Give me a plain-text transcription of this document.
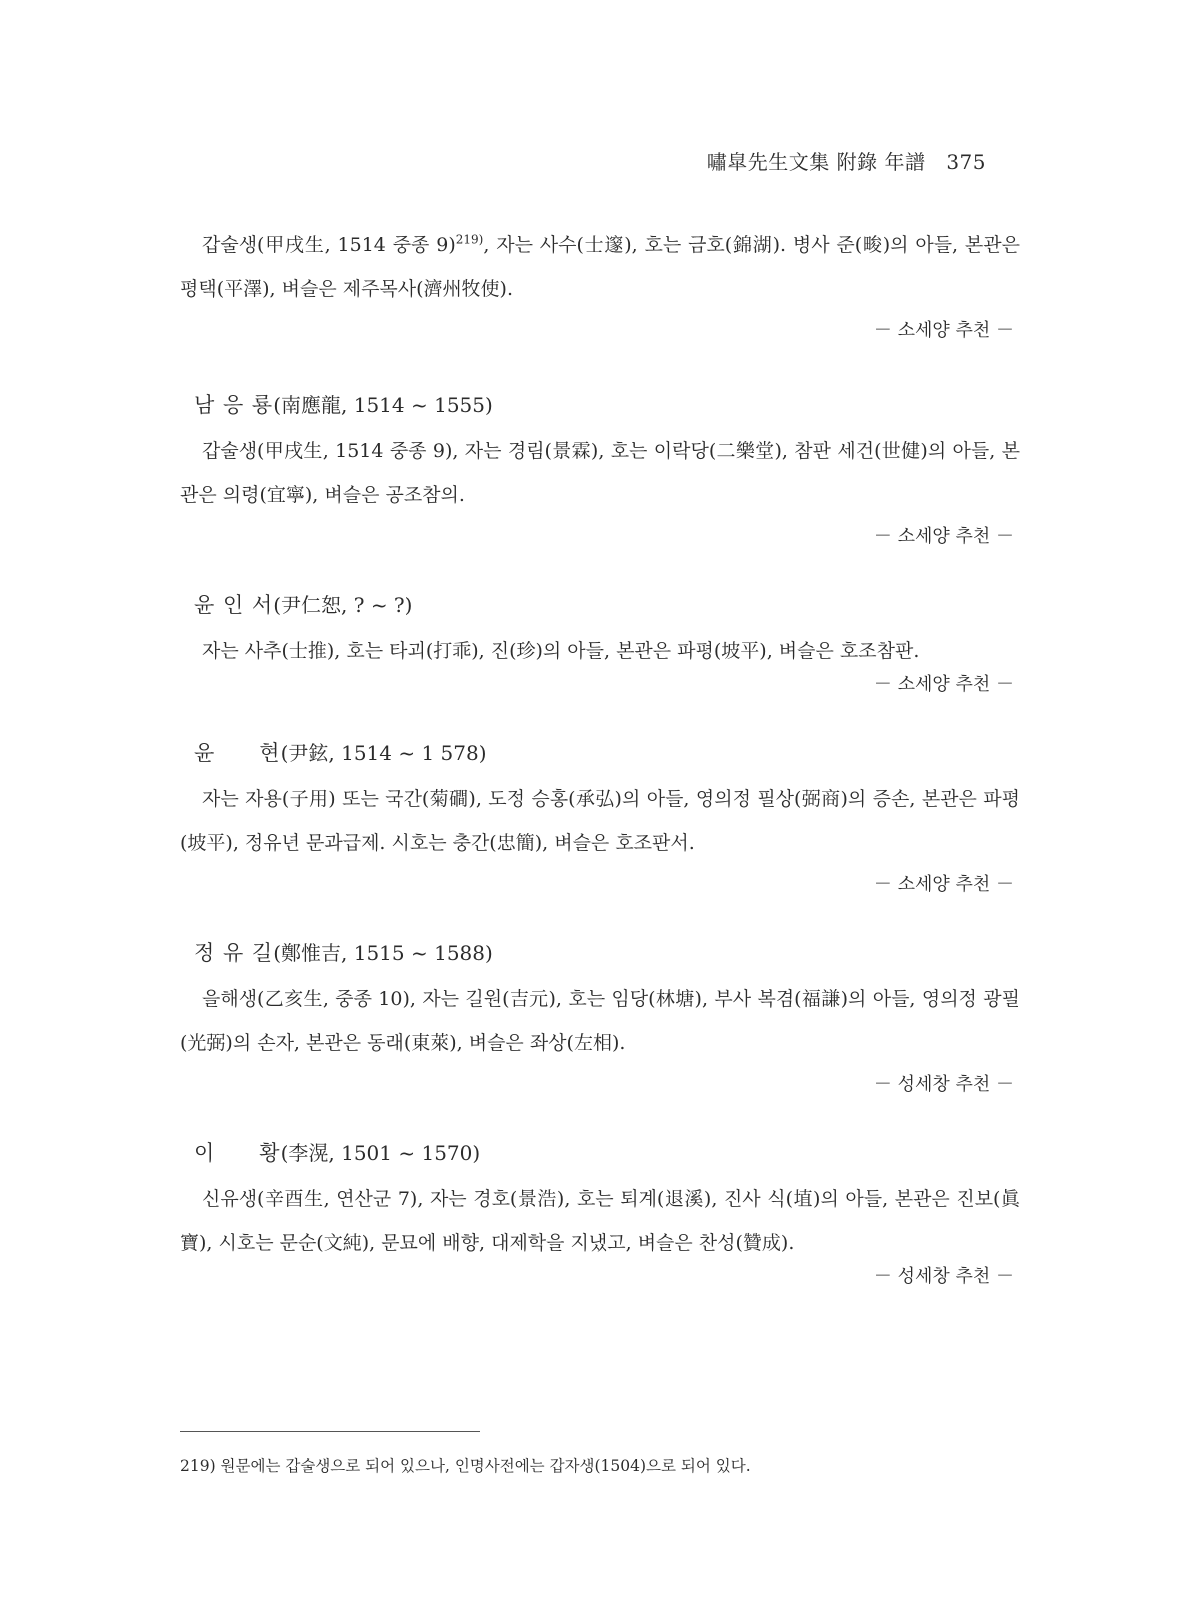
嘯皐先生文集 附錄 年譜 375

갑술생(甲戌生, 1514 중종 9)$^{219)}$, 자는 사수(士邃), 호는 금호(錦湖). 병사 준(畯)의 아들, 본관은 평택(平澤), 벼슬은 제주목사(濟州牧使).

－ 소세양 추천 －
남 응 룡(南應龍, 1514 ~ 1555)

갑술생(甲戌生, 1514 중종 9), 자는 경림(景霖), 호는 이락당(二樂堂), 참판 세건(世健)의 아들, 본관은 의령(宜寧), 벼슬은 공조참의.

－ 소세양 추천 －
윤 인 서(尹仁恕, ? ~ ?)

자는 사추(士推), 호는 타괴(打乖), 진(珍)의 아들, 본관은 파평(坡平), 벼슬은 호조참판.

－ 소세양 추천 －
윤　　현(尹鉉, 1514 ~ 1 578)

자는 자용(子用) 또는 국간(菊磵), 도정 승홍(承弘)의 아들, 영의정 필상(弼商)의 증손, 본관은 파평(坡平), 정유년 문과급제. 시호는 충간(忠簡), 벼슬은 호조판서.

－ 소세양 추천 －
정 유 길(鄭惟吉, 1515 ~ 1588)

을해생(乙亥生, 중종 10), 자는 길원(吉元), 호는 임당(林塘), 부사 복겸(福謙)의 아들, 영의정 광필(光弼)의 손자, 본관은 동래(東萊), 벼슬은 좌상(左相).

－ 성세창 추천 －
이　　황(李滉, 1501 ~ 1570)

신유생(辛酉生, 연산군 7), 자는 경호(景浩), 호는 퇴계(退溪), 진사 식(埴)의 아들, 본관은 진보(眞寶), 시호는 문순(文純), 문묘에 배향, 대제학을 지냈고, 벼슬은 찬성(贊成).

－ 성세창 추천 －
219) 원문에는 갑술생으로 되어 있으나, 인명사전에는 갑자생(1504)으로 되어 있다.
